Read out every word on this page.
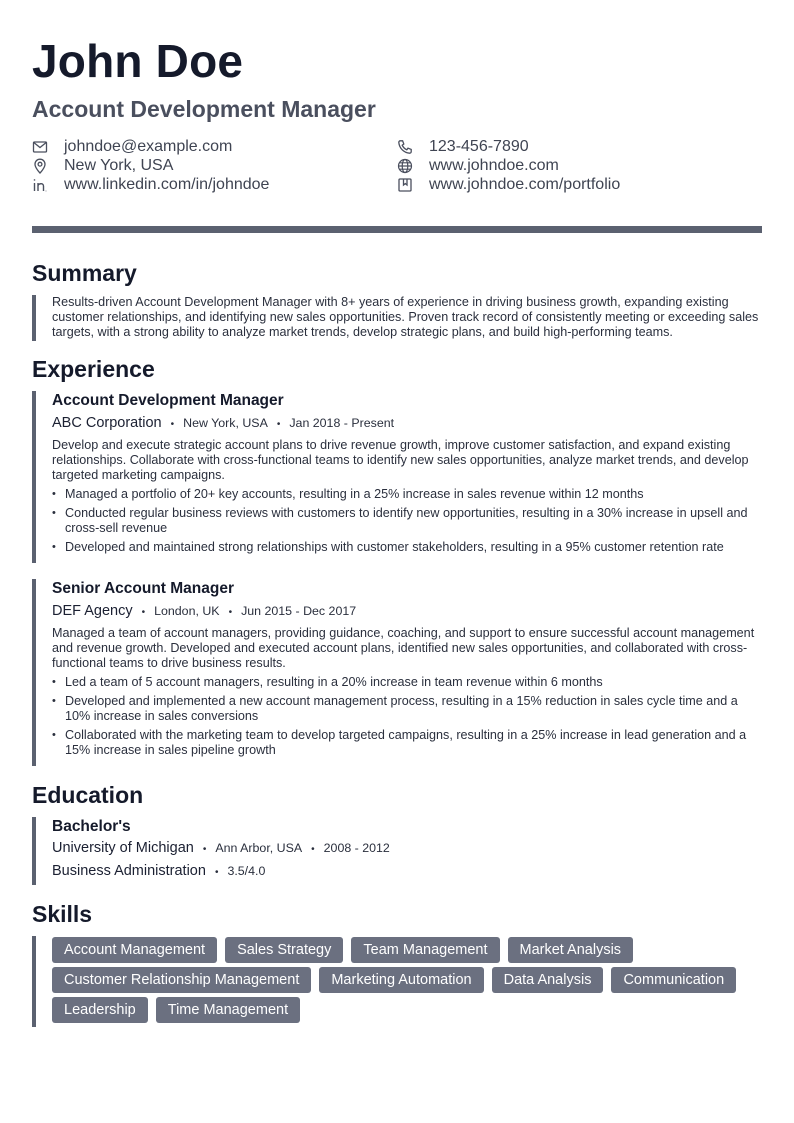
John Doe
Account Development Manager
johndoe@example.com	123-456-7890
New York, USA	www.johndoe.com
www.linkedin.com/in/johndoe	www.johndoe.com/portfolio
Summary
Results-driven Account Development Manager with 8+ years of experience in driving business growth, expanding existing customer relationships, and identifying new sales opportunities. Proven track record of consistently meeting or exceeding sales targets, with a strong ability to analyze market trends, develop strategic plans, and build high-performing teams.
Experience
Account Development Manager
ABC Corporation • New York, USA • Jan 2018 - Present
Develop and execute strategic account plans to drive revenue growth, improve customer satisfaction, and expand existing relationships. Collaborate with cross-functional teams to identify new sales opportunities, analyze market trends, and develop targeted marketing campaigns.
• Managed a portfolio of 20+ key accounts, resulting in a 25% increase in sales revenue within 12 months
• Conducted regular business reviews with customers to identify new opportunities, resulting in a 30% increase in upsell and cross-sell revenue
• Developed and maintained strong relationships with customer stakeholders, resulting in a 95% customer retention rate
Senior Account Manager
DEF Agency • London, UK • Jun 2015 - Dec 2017
Managed a team of account managers, providing guidance, coaching, and support to ensure successful account management and revenue growth. Developed and executed account plans, identified new sales opportunities, and collaborated with cross-functional teams to drive business results.
• Led a team of 5 account managers, resulting in a 20% increase in team revenue within 6 months
• Developed and implemented a new account management process, resulting in a 15% reduction in sales cycle time and a 10% increase in sales conversions
• Collaborated with the marketing team to develop targeted campaigns, resulting in a 25% increase in lead generation and a 15% increase in sales pipeline growth
Education
Bachelor's
University of Michigan • Ann Arbor, USA • 2008 - 2012
Business Administration • 3.5/4.0
Skills
Account Management	Sales Strategy	Team Management	Market Analysis
Customer Relationship Management	Marketing Automation	Data Analysis	Communication
Leadership	Time Management
